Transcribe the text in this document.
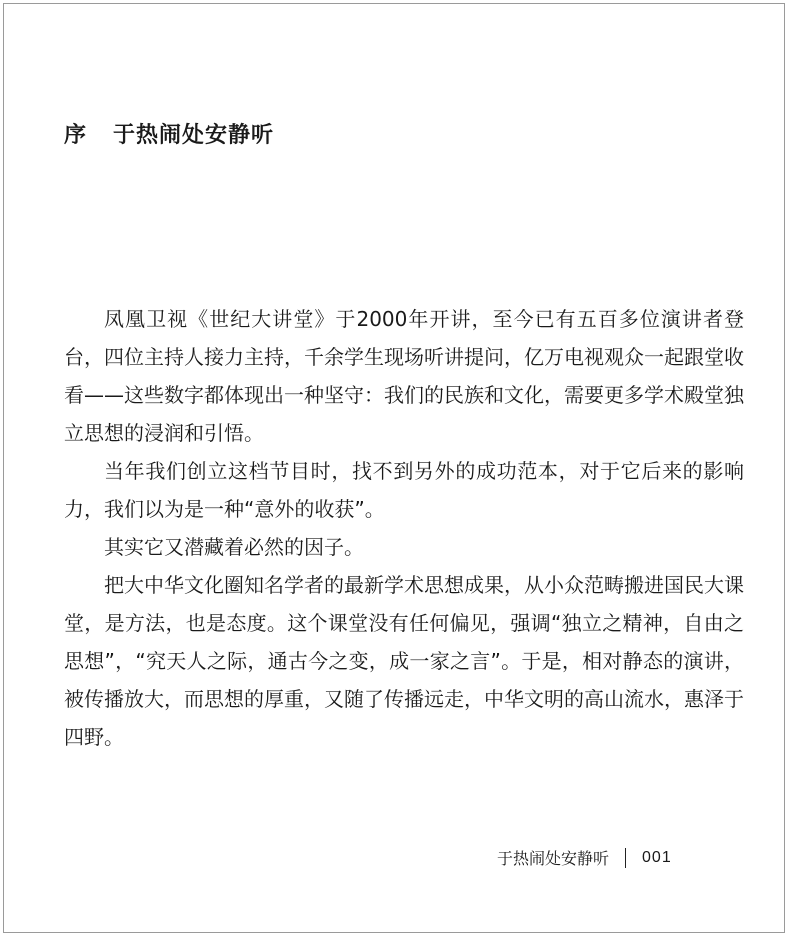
序 于热闹处安静听

凤凰卫视《世纪大讲堂》于2000年开讲，至今已有五百多位演讲者登台，四位主持人接力主持，千余学生现场听讲提问，亿万电视观众一起跟堂收看——这些数字都体现出一种坚守：我们的民族和文化，需要更多学术殿堂独立思想的浸润和引悟。

当年我们创立这档节目时，找不到另外的成功范本，对于它后来的影响力，我们以为是一种“意外的收获”。

其实它又潜藏着必然的因子。

把大中华文化圈知名学者的最新学术思想成果，从小众范畴搬进国民大课堂，是方法，也是态度。这个课堂没有任何偏见，强调“独立之精神，自由之思想”，“究天人之际，通古今之变，成一家之言”。于是，相对静态的演讲，被传播放大，而思想的厚重，又随了传播远走，中华文明的高山流水，惠泽于四野。

于热闹处安静听 001
